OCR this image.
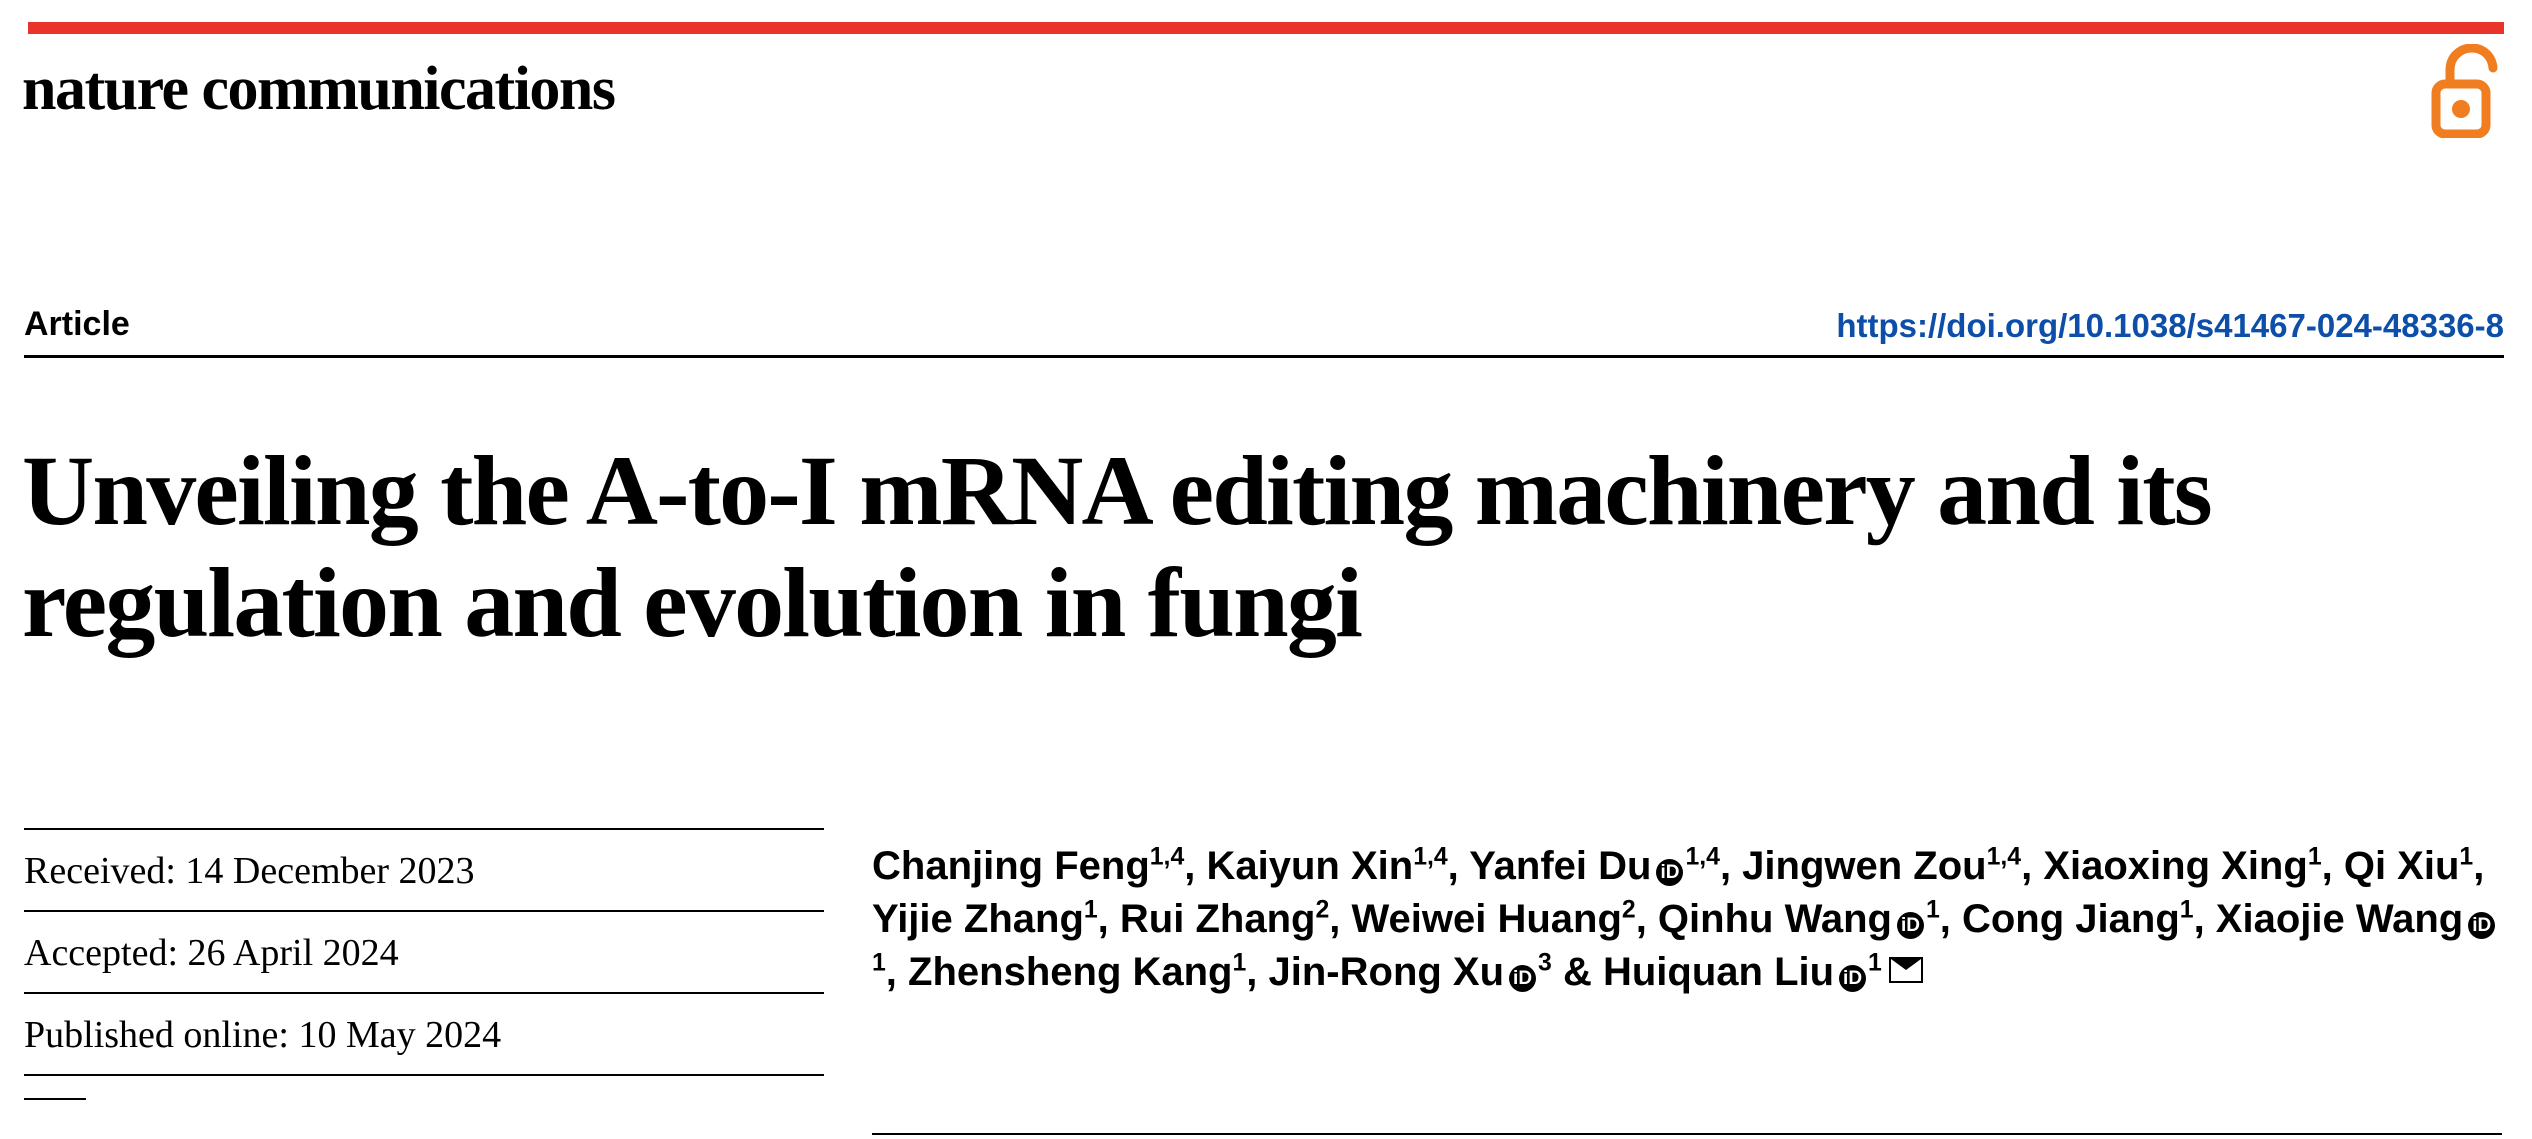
nature communications
Article	https://doi.org/10.1038/s41467-024-48336-8
Unveiling the A-to-I mRNA editing machinery and its regulation and evolution in fungi
Received: 14 December 2023
Accepted: 26 April 2024
Published online: 10 May 2024
Chanjing Feng$^{1,4}$, Kaiyun Xin$^{1,4}$, Yanfei Du iD$^{1,4}$, Jingwen Zou$^{1,4}$, Xiaoxing Xing$^1$, Qi Xiu$^1$, Yijie Zhang$^1$, Rui Zhang$^2$, Weiwei Huang$^2$, Qinhu Wang $iD^1$, Cong Jiang$^1$, Xiaojie Wang $iD^1$, Zhensheng Kang$^1$, Jin-Rong Xu $iD^3$ & Huiquan Liu $iD^1$
